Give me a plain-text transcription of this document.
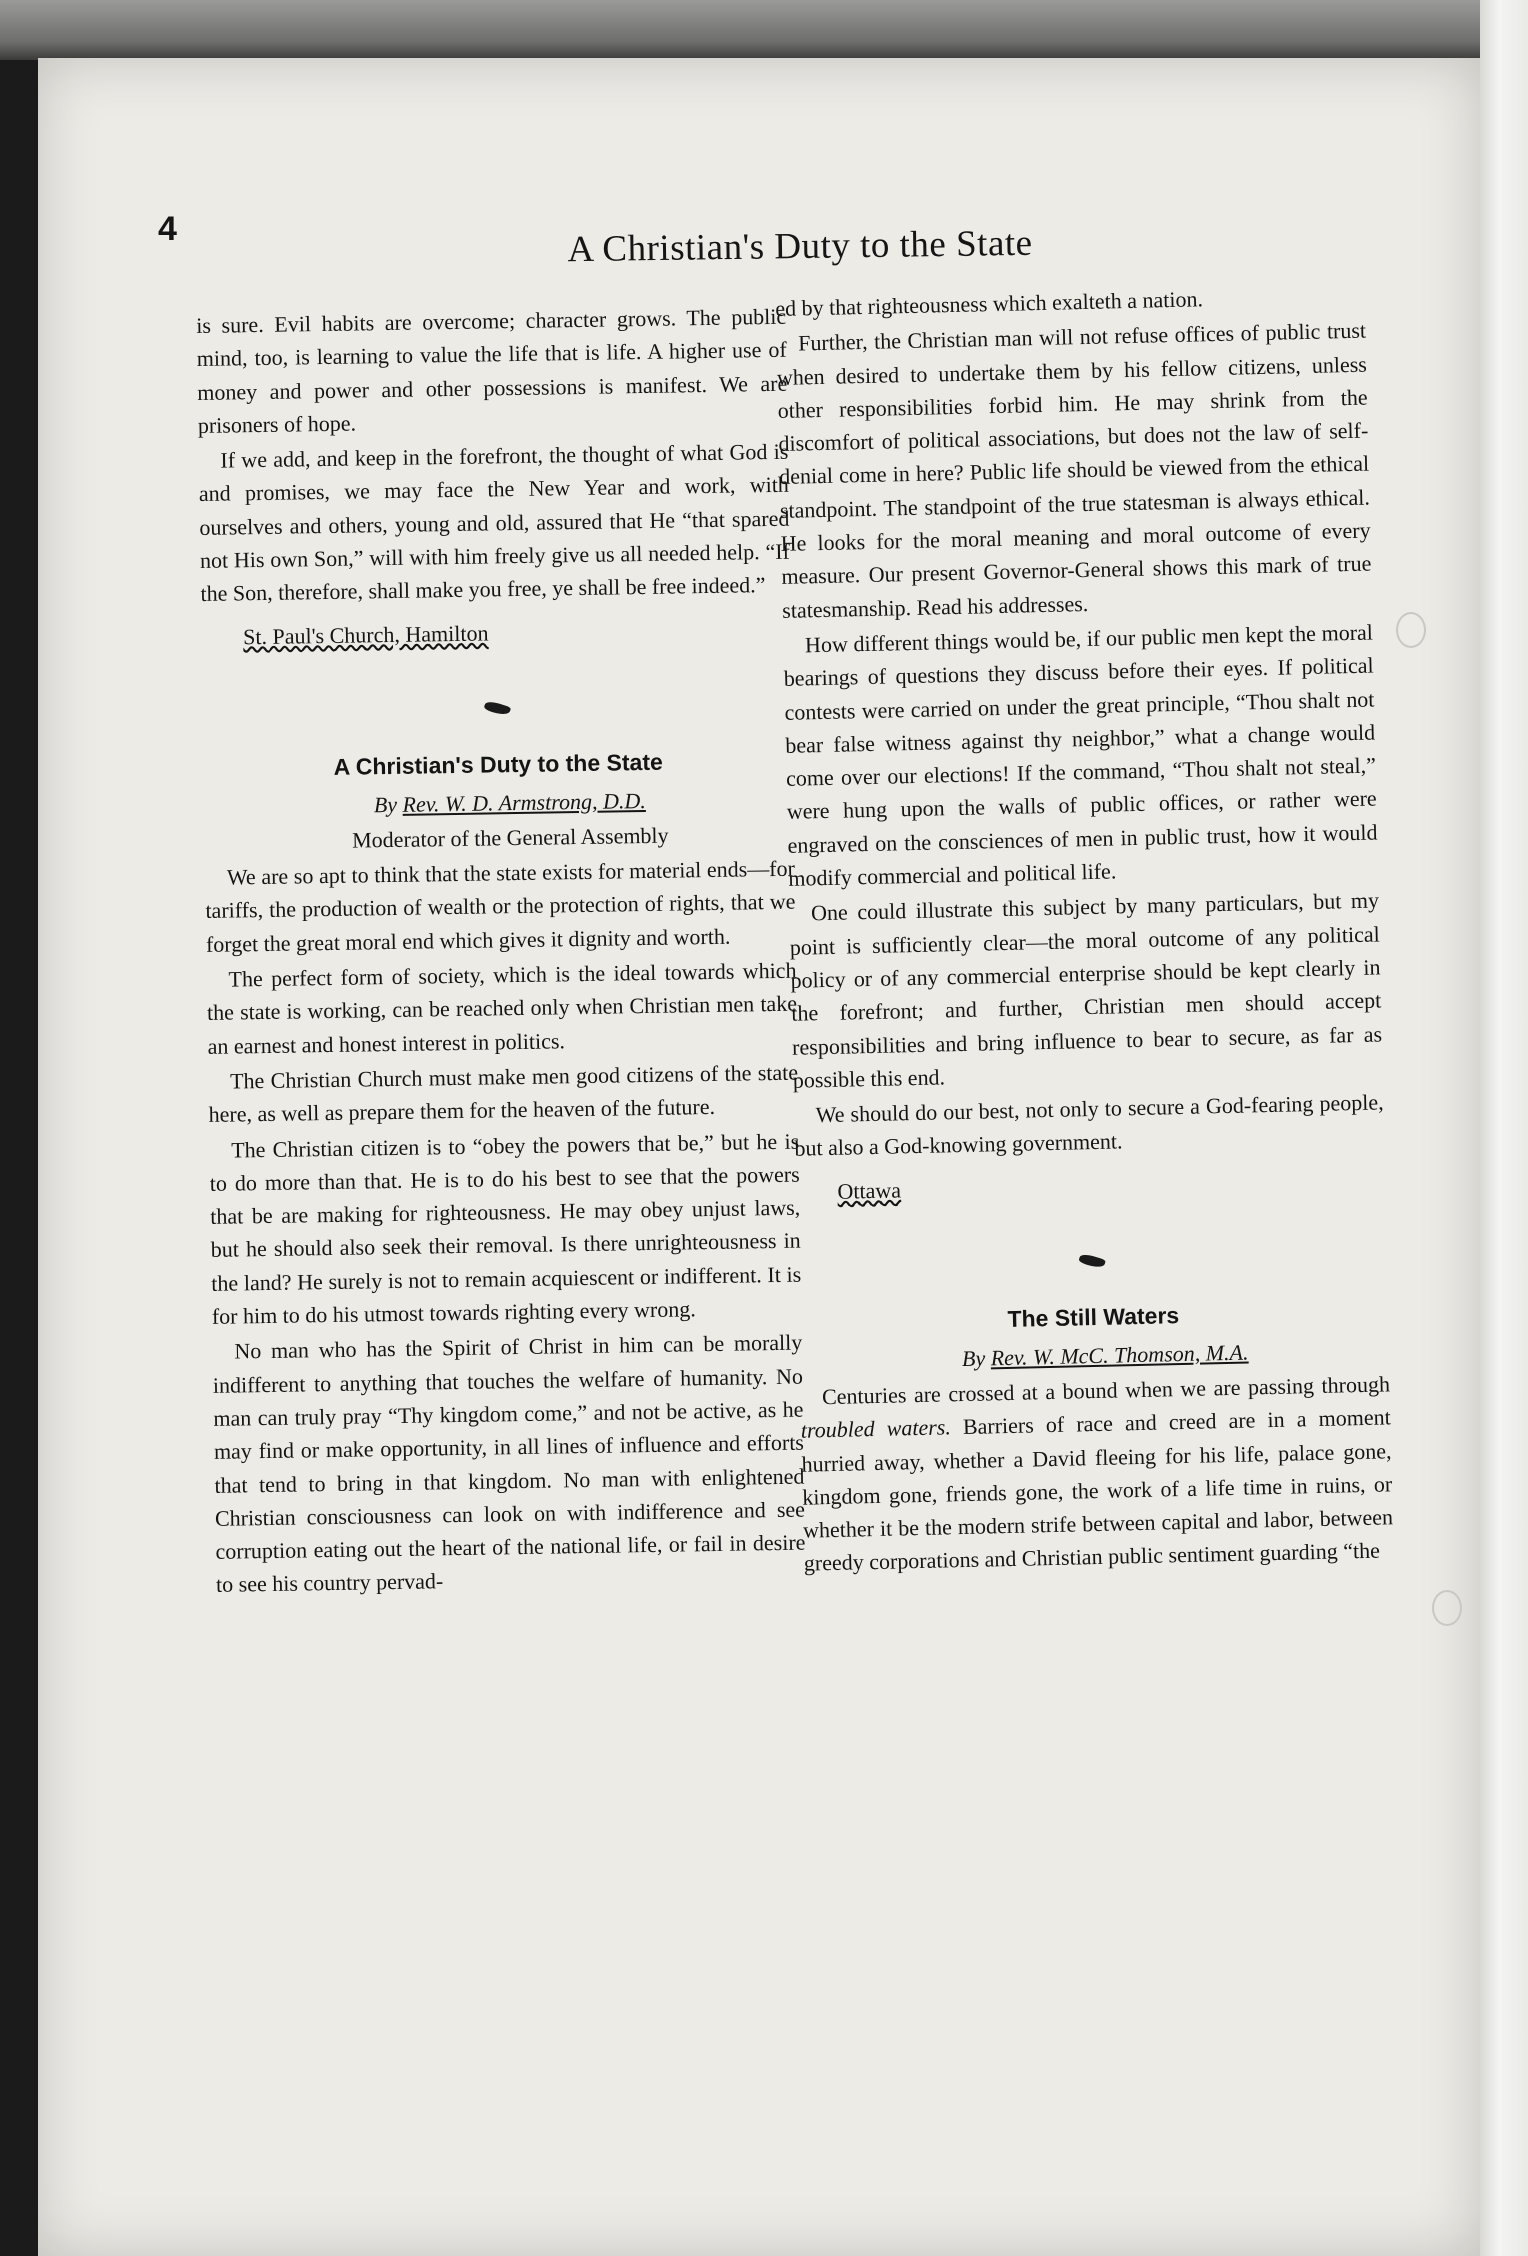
4	A Christian's Duty to the State

is sure. Evil habits are overcome; character grows. The public mind, too, is learning to value the life that is life. A higher use of money and power and other possessions is manifest. We are prisoners of hope.

If we add, and keep in the forefront, the thought of what God is and promises, we may face the New Year and work, with ourselves and others, young and old, assured that He “that spared not His own Son,” will with him freely give us all needed help. “If the Son, therefore, shall make you free, ye shall be free indeed.”

St. Paul's Church, Hamilton
A Christian's Duty to the State

By Rev. W. D. Armstrong, D.D.

Moderator of the General Assembly

We are so apt to think that the state exists for material ends—for tariffs, the production of wealth or the protection of rights, that we forget the great moral end which gives it dignity and worth.

The perfect form of society, which is the ideal towards which the state is working, can be reached only when Christian men take an earnest and honest interest in politics.

The Christian Church must make men good citizens of the state here, as well as prepare them for the heaven of the future.

The Christian citizen is to “obey the powers that be,” but he is to do more than that. He is to do his best to see that the powers that be are making for righteousness. He may obey unjust laws, but he should also seek their removal. Is there unrighteousness in the land? He surely is not to remain acquiescent or indifferent. It is for him to do his utmost towards righting every wrong.

No man who has the Spirit of Christ in him can be morally indifferent to anything that touches the welfare of humanity. No man can truly pray “Thy kingdom come,” and not be active, as he may find or make opportunity, in all lines of influence and efforts that tend to bring in that kingdom. No man with enlightened Christian consciousness can look on with indifference and see corruption eating out the heart of the national life, or fail in desire to see his country pervad-

ed by that righteousness which exalteth a nation.

Further, the Christian man will not refuse offices of public trust when desired to undertake them by his fellow citizens, unless other responsibilities forbid him. He may shrink from the discomfort of political associations, but does not the law of self-denial come in here? Public life should be viewed from the ethical standpoint. The standpoint of the true statesman is always ethical. He looks for the moral meaning and moral outcome of every measure. Our present Governor-General shows this mark of true statesmanship. Read his addresses.

How different things would be, if our public men kept the moral bearings of questions they discuss before their eyes. If political contests were carried on under the great principle, “Thou shalt not bear false witness against thy neighbor,” what a change would come over our elections! If the command, “Thou shalt not steal,” were hung upon the walls of public offices, or rather were engraved on the consciences of men in public trust, how it would modify commercial and political life.

One could illustrate this subject by many particulars, but my point is sufficiently clear—the moral outcome of any political policy or of any commercial enterprise should be kept clearly in the forefront; and further, Christian men should accept responsibilities and bring influence to bear to secure, as far as possible this end.

We should do our best, not only to secure a God-fearing people, but also a God-knowing government.

Ottawa
The Still Waters

By Rev. W. McC. Thomson, M.A.

Centuries are crossed at a bound when we are passing through troubled waters. Barriers of race and creed are in a moment hurried away, whether a David fleeing for his life, palace gone, kingdom gone, friends gone, the work of a life time in ruins, or whether it be the modern strife between capital and labor, between greedy corporations and Christian public sentiment guarding “the
